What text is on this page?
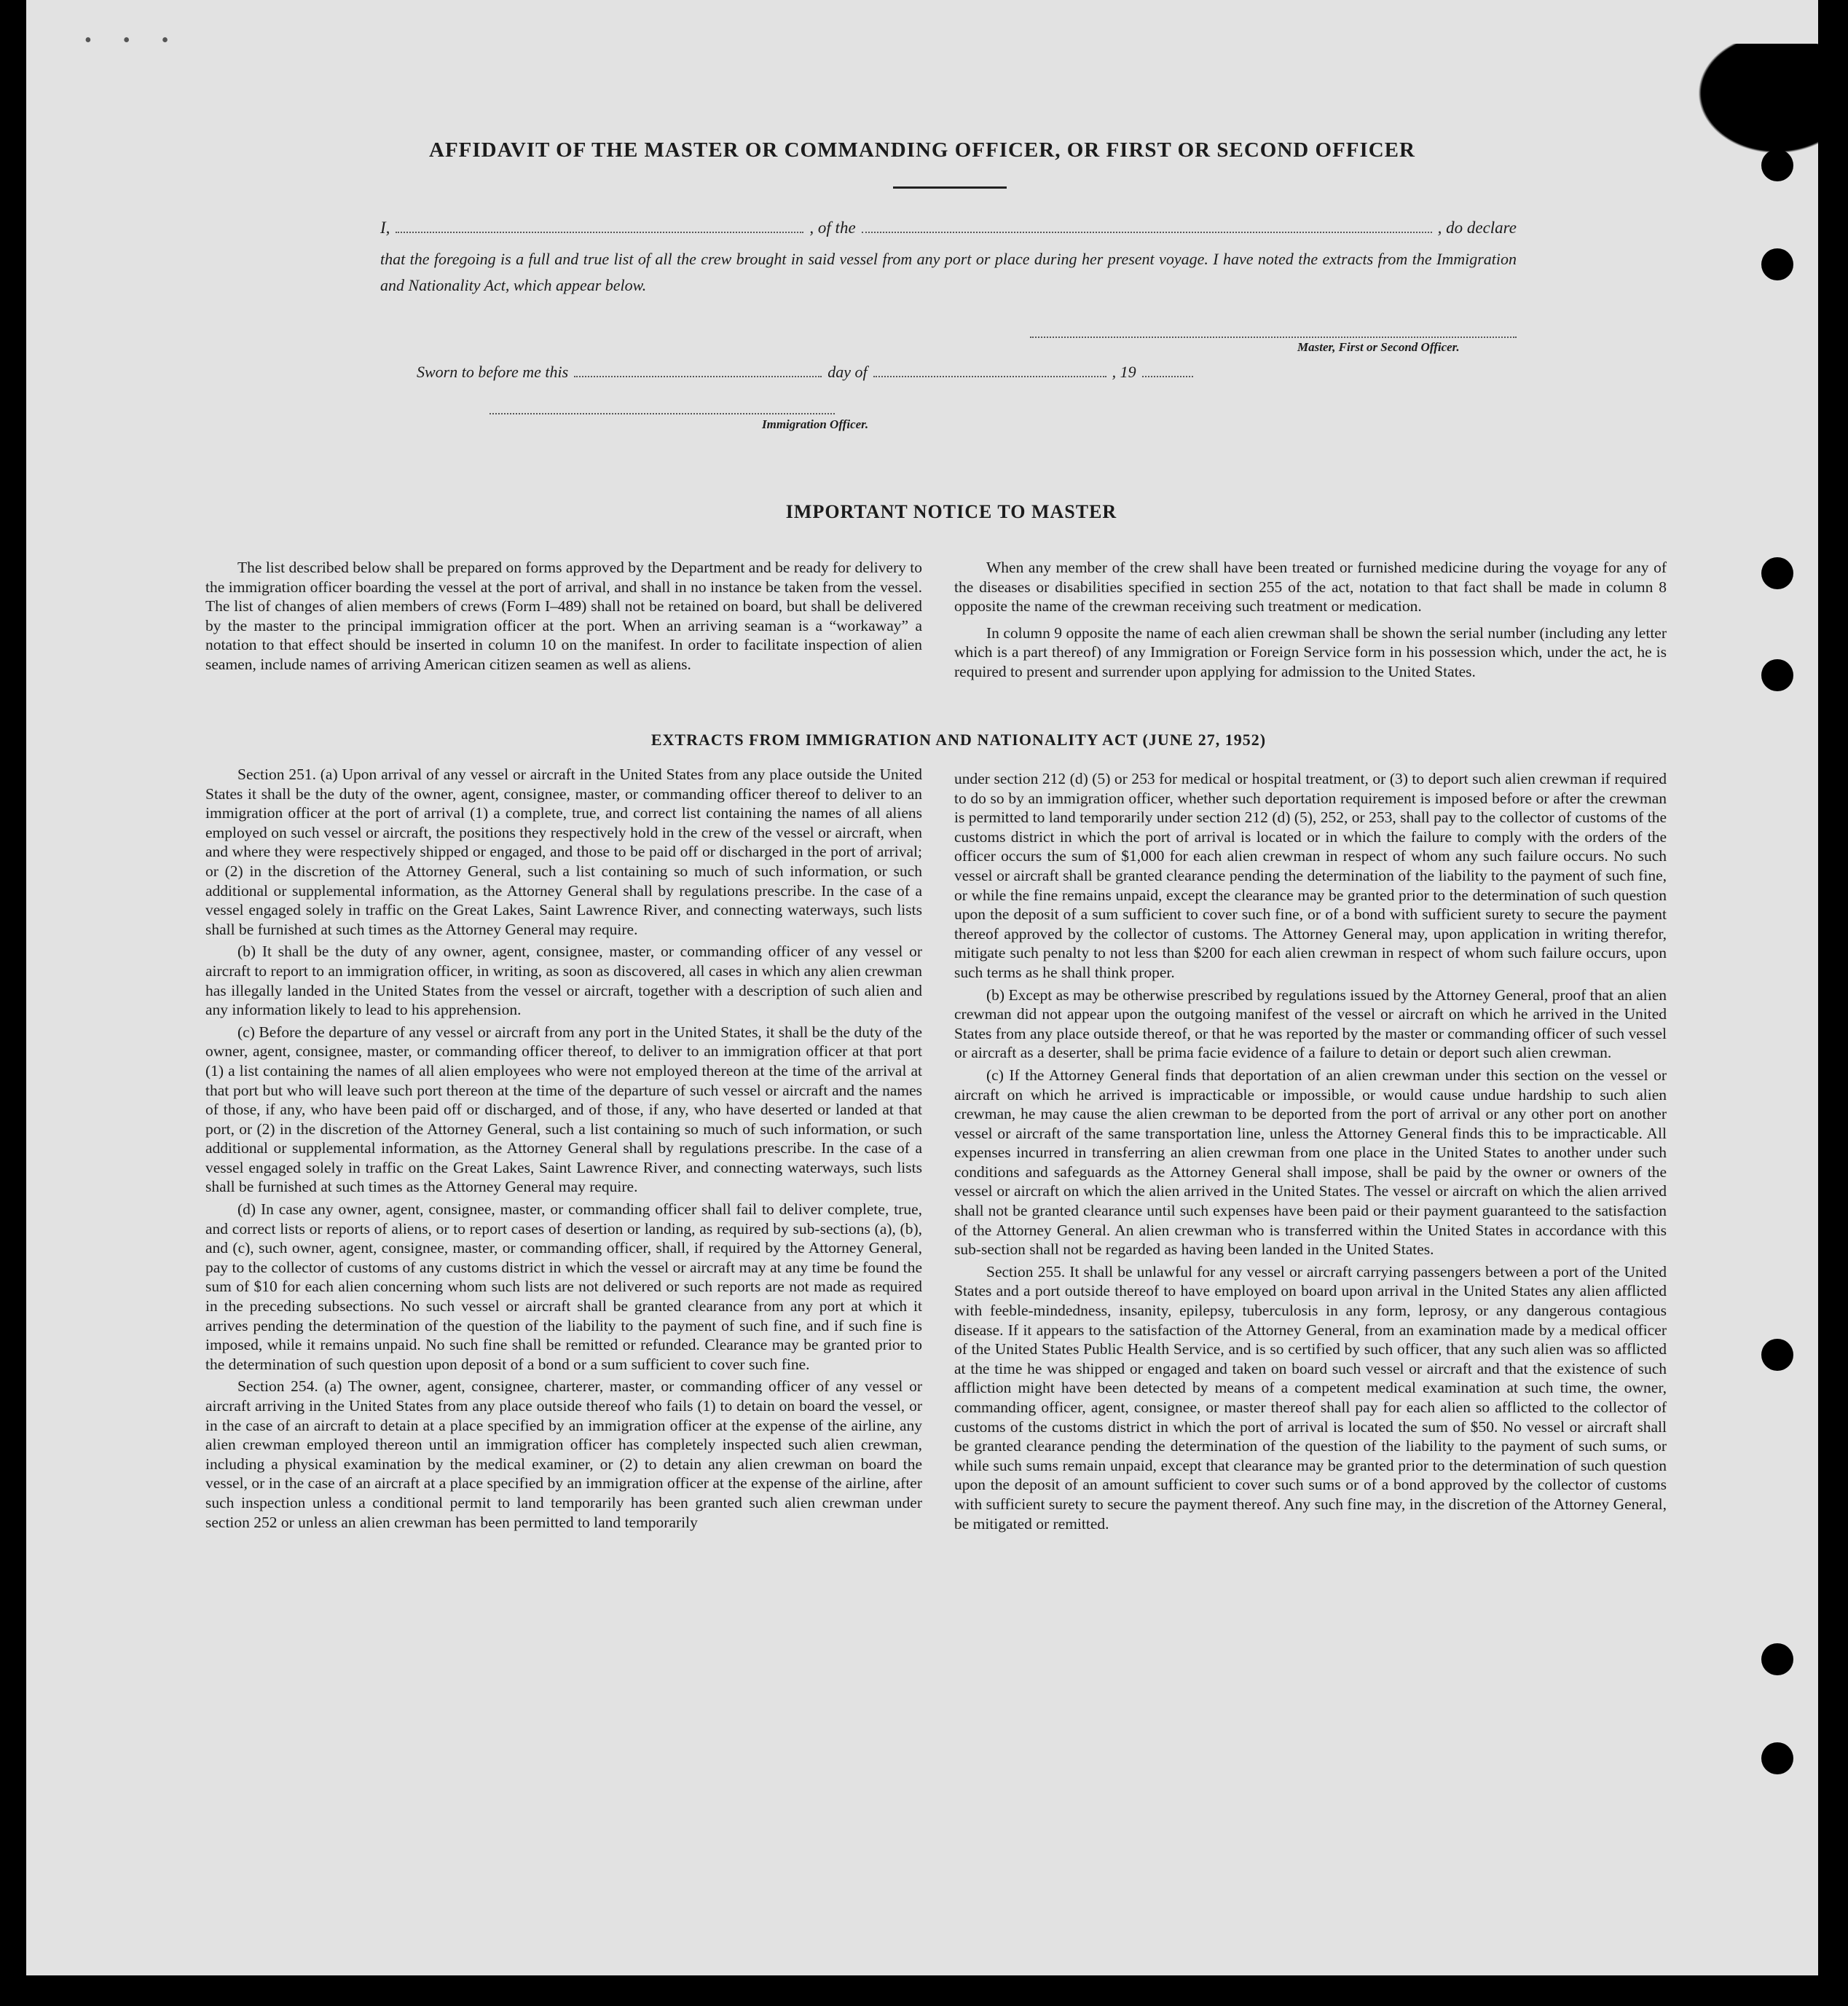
• • •
AFFIDAVIT OF THE MASTER OR COMMANDING OFFICER, OR FIRST OR SECOND OFFICER
I,	, of the	, do declare
that the foregoing is a full and true list of all the crew brought in said vessel from any port or place during her present voyage. I have noted the extracts from the Immigration and Nationality Act, which appear below.
Master, First or Second Officer.
Sworn to before me this	day of	, 19
Immigration Officer.
IMPORTANT NOTICE TO MASTER

The list described below shall be prepared on forms approved by the Department and be ready for delivery to the immigration officer boarding the vessel at the port of arrival, and shall in no instance be taken from the vessel. The list of changes of alien members of crews (Form I–489) shall not be retained on board, but shall be delivered by the master to the principal immigration officer at the port. When an arriving seaman is a “workaway” a notation to that effect should be inserted in column 10 on the manifest. In order to facilitate inspection of alien seamen, include names of arriving American citizen seamen as well as aliens.

When any member of the crew shall have been treated or furnished medicine during the voyage for any of the diseases or disabilities specified in section 255 of the act, notation to that fact shall be made in column 8 opposite the name of the crewman receiving such treatment or medication.

In column 9 opposite the name of each alien crewman shall be shown the serial number (including any letter which is a part thereof) of any Immigration or Foreign Service form in his possession which, under the act, he is required to present and surrender upon applying for admission to the United States.

EXTRACTS FROM IMMIGRATION AND NATIONALITY ACT (JUNE 27, 1952)

Section 251. (a) Upon arrival of any vessel or aircraft in the United States from any place outside the United States it shall be the duty of the owner, agent, consignee, master, or commanding officer thereof to deliver to an immigration officer at the port of arrival (1) a complete, true, and correct list containing the names of all aliens employed on such vessel or aircraft, the positions they respectively hold in the crew of the vessel or aircraft, when and where they were respectively shipped or engaged, and those to be paid off or discharged in the port of arrival; or (2) in the discretion of the Attorney General, such a list containing so much of such information, or such additional or supplemental information, as the Attorney General shall by regulations prescribe. In the case of a vessel engaged solely in traffic on the Great Lakes, Saint Lawrence River, and connecting waterways, such lists shall be furnished at such times as the Attorney General may require.

(b) It shall be the duty of any owner, agent, consignee, master, or commanding officer of any vessel or aircraft to report to an immigration officer, in writing, as soon as discovered, all cases in which any alien crewman has illegally landed in the United States from the vessel or aircraft, together with a description of such alien and any information likely to lead to his apprehension.

(c) Before the departure of any vessel or aircraft from any port in the United States, it shall be the duty of the owner, agent, consignee, master, or commanding officer thereof, to deliver to an immigration officer at that port (1) a list containing the names of all alien employees who were not employed thereon at the time of the arrival at that port but who will leave such port thereon at the time of the departure of such vessel or aircraft and the names of those, if any, who have been paid off or discharged, and of those, if any, who have deserted or landed at that port, or (2) in the discretion of the Attorney General, such a list containing so much of such information, or such additional or supplemental information, as the Attorney General shall by regulations prescribe. In the case of a vessel engaged solely in traffic on the Great Lakes, Saint Lawrence River, and connecting waterways, such lists shall be furnished at such times as the Attorney General may require.

(d) In case any owner, agent, consignee, master, or commanding officer shall fail to deliver complete, true, and correct lists or reports of aliens, or to report cases of desertion or landing, as required by sub-sections (a), (b), and (c), such owner, agent, consignee, master, or commanding officer, shall, if required by the Attorney General, pay to the collector of customs of any customs district in which the vessel or aircraft may at any time be found the sum of $10 for each alien concerning whom such lists are not delivered or such reports are not made as required in the preceding subsections. No such vessel or aircraft shall be granted clearance from any port at which it arrives pending the determination of the question of the liability to the payment of such fine, and if such fine is imposed, while it remains unpaid. No such fine shall be remitted or refunded. Clearance may be granted prior to the determination of such question upon deposit of a bond or a sum sufficient to cover such fine.

Section 254. (a) The owner, agent, consignee, charterer, master, or commanding officer of any vessel or aircraft arriving in the United States from any place outside thereof who fails (1) to detain on board the vessel, or in the case of an aircraft to detain at a place specified by an immigration officer at the expense of the airline, any alien crewman employed thereon until an immigration officer has completely inspected such alien crewman, including a physical examination by the medical examiner, or (2) to detain any alien crewman on board the vessel, or in the case of an aircraft at a place specified by an immigration officer at the expense of the airline, after such inspection unless a conditional permit to land temporarily has been granted such alien crewman under section 252 or unless an alien crewman has been permitted to land temporarily

under section 212 (d) (5) or 253 for medical or hospital treatment, or (3) to deport such alien crewman if required to do so by an immigration officer, whether such deportation requirement is imposed before or after the crewman is permitted to land temporarily under section 212 (d) (5), 252, or 253, shall pay to the collector of customs of the customs district in which the port of arrival is located or in which the failure to comply with the orders of the officer occurs the sum of $1,000 for each alien crewman in respect of whom any such failure occurs. No such vessel or aircraft shall be granted clearance pending the determination of the liability to the payment of such fine, or while the fine remains unpaid, except the clearance may be granted prior to the determination of such question upon the deposit of a sum sufficient to cover such fine, or of a bond with sufficient surety to secure the payment thereof approved by the collector of customs. The Attorney General may, upon application in writing therefor, mitigate such penalty to not less than $200 for each alien crewman in respect of whom such failure occurs, upon such terms as he shall think proper.

(b) Except as may be otherwise prescribed by regulations issued by the Attorney General, proof that an alien crewman did not appear upon the outgoing manifest of the vessel or aircraft on which he arrived in the United States from any place outside thereof, or that he was reported by the master or commanding officer of such vessel or aircraft as a deserter, shall be prima facie evidence of a failure to detain or deport such alien crewman.

(c) If the Attorney General finds that deportation of an alien crewman under this section on the vessel or aircraft on which he arrived is impracticable or impossible, or would cause undue hardship to such alien crewman, he may cause the alien crewman to be deported from the port of arrival or any other port on another vessel or aircraft of the same transportation line, unless the Attorney General finds this to be impracticable. All expenses incurred in transferring an alien crewman from one place in the United States to another under such conditions and safeguards as the Attorney General shall impose, shall be paid by the owner or owners of the vessel or aircraft on which the alien arrived in the United States. The vessel or aircraft on which the alien arrived shall not be granted clearance until such expenses have been paid or their payment guaranteed to the satisfaction of the Attorney General. An alien crewman who is transferred within the United States in accordance with this sub-section shall not be regarded as having been landed in the United States.

Section 255. It shall be unlawful for any vessel or aircraft carrying passengers between a port of the United States and a port outside thereof to have employed on board upon arrival in the United States any alien afflicted with feeble-mindedness, insanity, epilepsy, tuberculosis in any form, leprosy, or any dangerous contagious disease. If it appears to the satisfaction of the Attorney General, from an examination made by a medical officer of the United States Public Health Service, and is so certified by such officer, that any such alien was so afflicted at the time he was shipped or engaged and taken on board such vessel or aircraft and that the existence of such affliction might have been detected by means of a competent medical examination at such time, the owner, commanding officer, agent, consignee, or master thereof shall pay for each alien so afflicted to the collector of customs of the customs district in which the port of arrival is located the sum of $50. No vessel or aircraft shall be granted clearance pending the determination of the question of the liability to the payment of such sums, or while such sums remain unpaid, except that clearance may be granted prior to the determination of such question upon the deposit of an amount sufficient to cover such sums or of a bond approved by the collector of customs with sufficient surety to secure the payment thereof. Any such fine may, in the discretion of the Attorney General, be mitigated or remitted.
